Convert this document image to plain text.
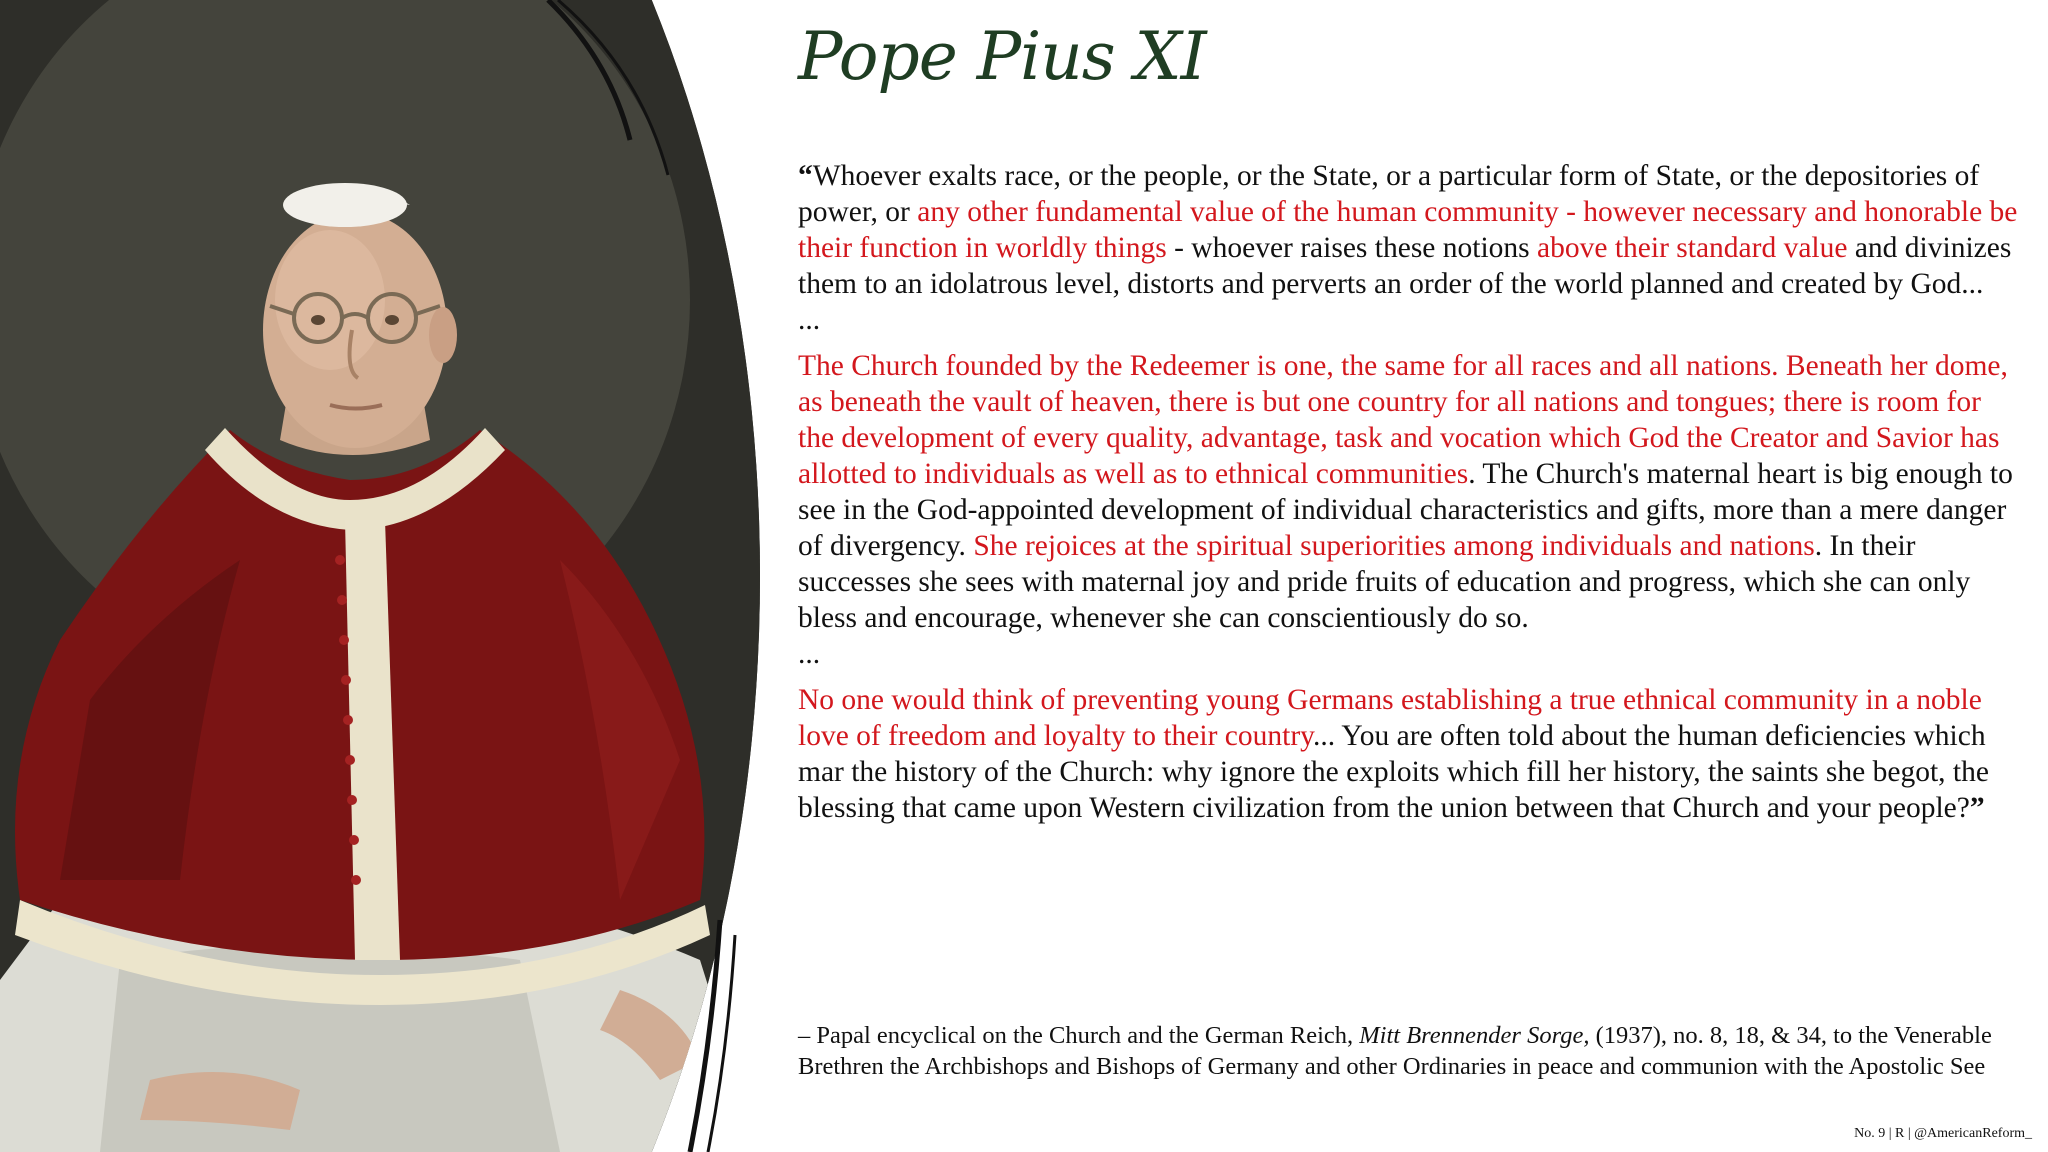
Pope Pius XI

“Whoever exalts race, or the people, or the State, or a particular form of State, or the depositories of power, or any other fundamental value of the human community - however necessary and honorable be their function in worldly things - whoever raises these notions above their standard value and divinizes them to an idolatrous level, distorts and perverts an order of the world planned and created by God...

...

The Church founded by the Redeemer is one, the same for all races and all nations. Beneath her dome, as beneath the vault of heaven, there is but one country for all nations and tongues; there is room for the development of every quality, advantage, task and vocation which God the Creator and Savior has allotted to individuals as well as to ethnical communities. The Church's maternal heart is big enough to see in the God-appointed development of individual characteristics and gifts, more than a mere danger of divergency. She rejoices at the spiritual superiorities among individuals and nations. In their successes she sees with maternal joy and pride fruits of education and progress, which she can only bless and encourage, whenever she can conscientiously do so.

...

No one would think of preventing young Germans establishing a true ethnical community in a noble love of freedom and loyalty to their country... You are often told about the human deficiencies which mar the history of the Church: why ignore the exploits which fill her history, the saints she begot, the blessing that came upon Western civilization from the union between that Church and your people?”

– Papal encyclical on the Church and the German Reich, Mitt Brennender Sorge, (1937), no. 8, 18, & 34, to the Venerable Brethren the Archbishops and Bishops of Germany and other Ordinaries in peace and communion with the Apostolic See
No. 9 | R | @AmericanReform_
